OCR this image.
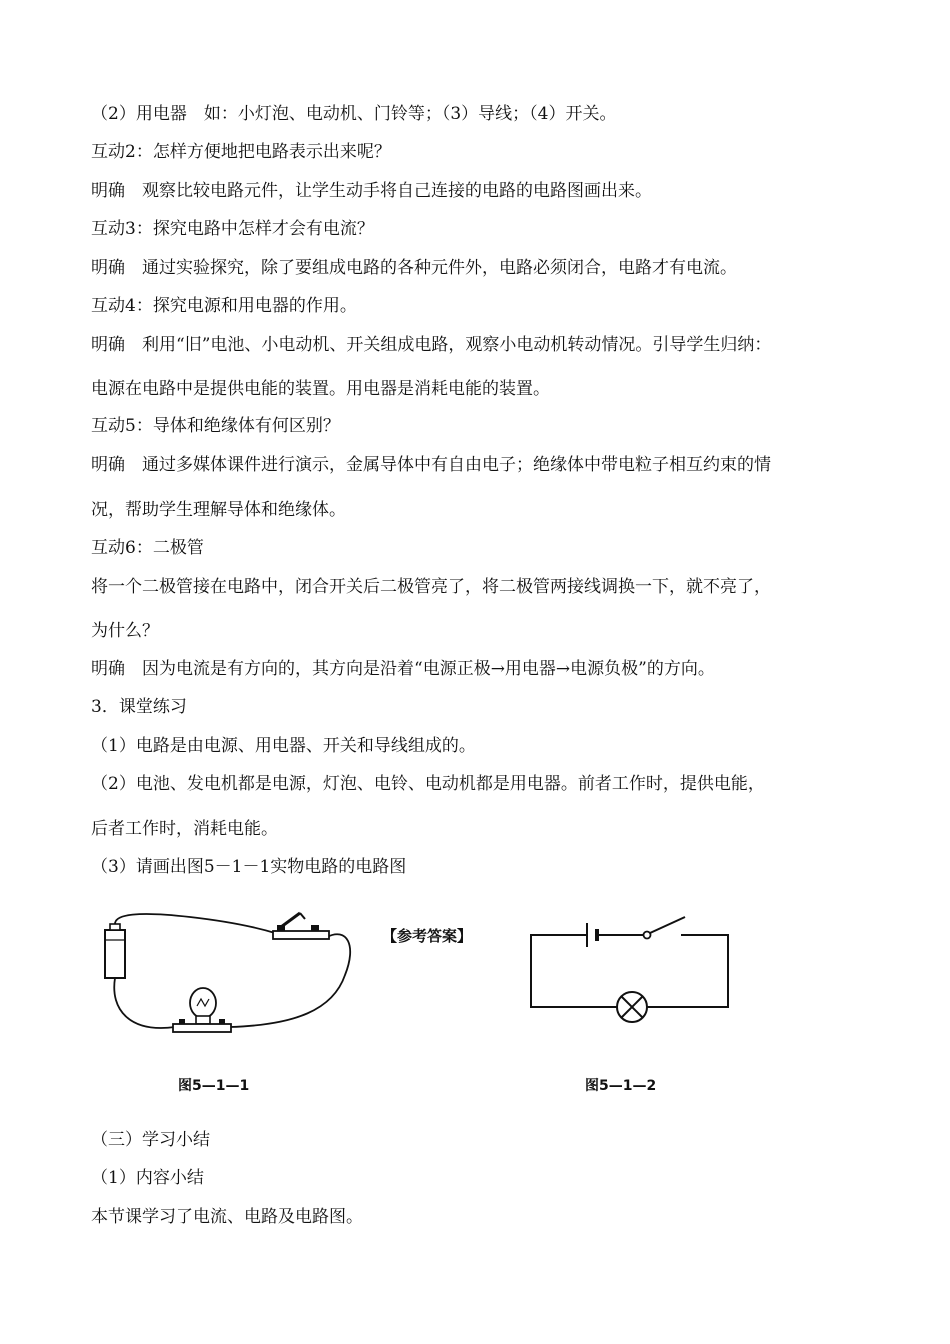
（2）用电器　如：小灯泡、电动机、门铃等；（3）导线；（4）开关。
互动2：怎样方便地把电路表示出来呢？
明确　观察比较电路元件，让学生动手将自己连接的电路的电路图画出来。
互动3：探究电路中怎样才会有电流？
明确　通过实验探究，除了要组成电路的各种元件外，电路必须闭合，电路才有电流。
互动4：探究电源和用电器的作用。
明确　利用“旧”电池、小电动机、开关组成电路，观察小电动机转动情况。引导学生归纳：
电源在电路中是提供电能的装置。用电器是消耗电能的装置。
互动5：导体和绝缘体有何区别？
明确　通过多媒体课件进行演示，金属导体中有自由电子；绝缘体中带电粒子相互约束的情
况，帮助学生理解导体和绝缘体。
互动6：二极管
将一个二极管接在电路中，闭合开关后二极管亮了，将二极管两接线调换一下，就不亮了，
为什么？
明确　因为电流是有方向的，其方向是沿着“电源正极→用电器→电源负极”的方向。
3．课堂练习
（1）电路是由电源、用电器、开关和导线组成的。
（2）电池、发电机都是电源，灯泡、电铃、电动机都是用电器。前者工作时，提供电能，
后者工作时，消耗电能。
（3）请画出图5－1－1实物电路的电路图
（三）学习小结
（1）内容小结
本节课学习了电流、电路及电路图。
图5—1—1
【参考答案】
图5—1—2
